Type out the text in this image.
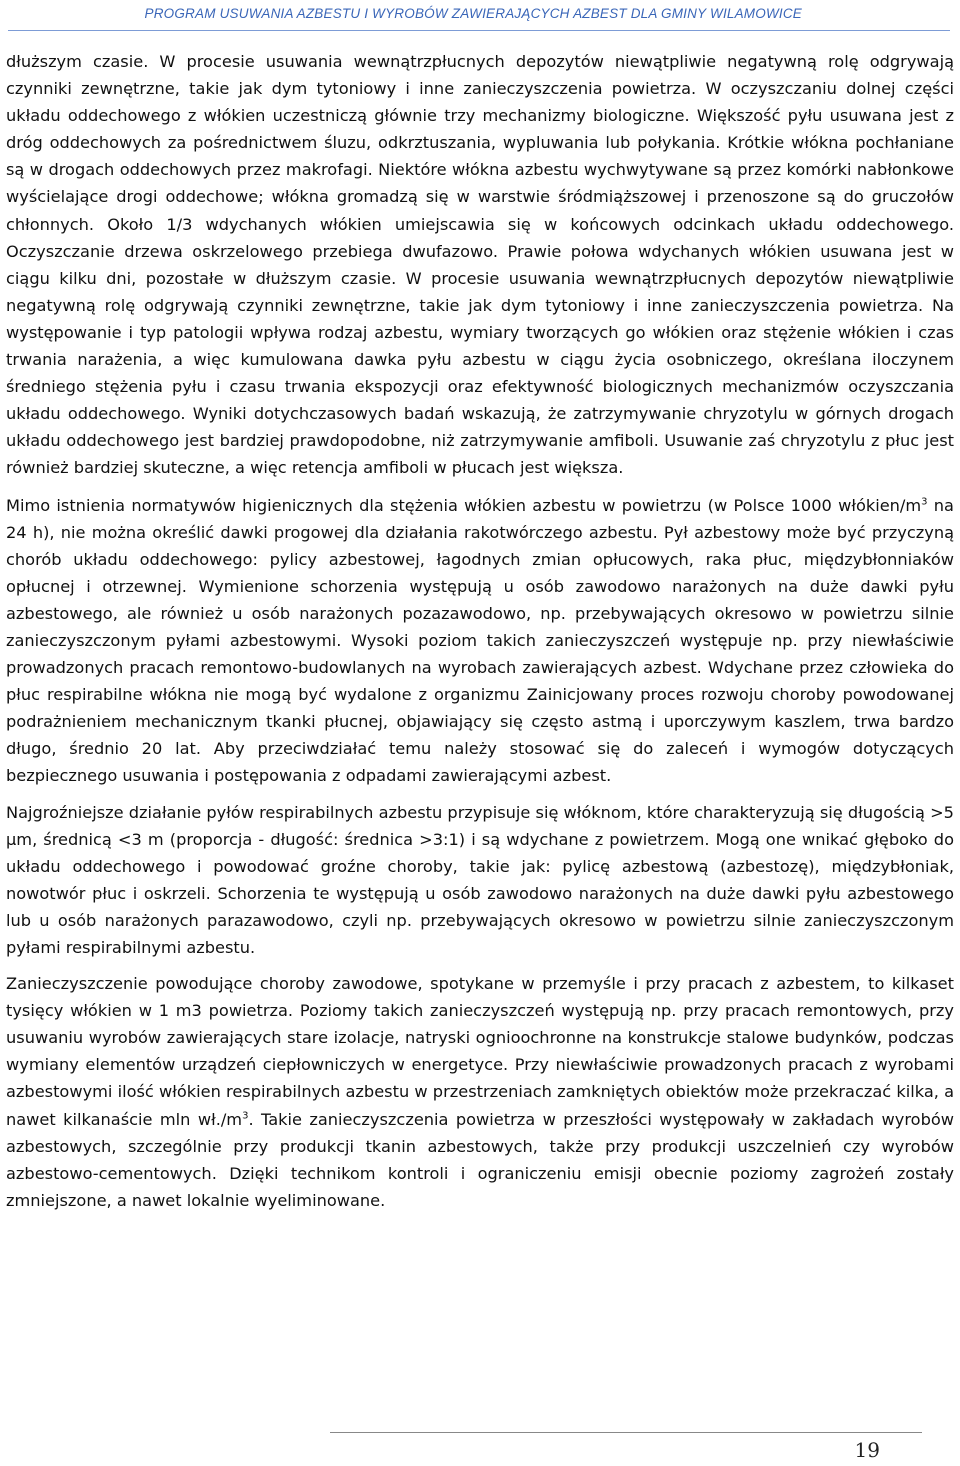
PROGRAM USUWANIA AZBESTU I WYROBÓW ZAWIERAJĄCYCH AZBEST DLA GMINY WILAMOWICE

dłuższym czasie. W procesie usuwania wewnątrzpłucnych depozytów niewątpliwie negatywną rolę odgrywają czynniki zewnętrzne, takie jak dym tytoniowy i inne zanieczyszczenia powietrza. W oczyszczaniu dolnej części układu oddechowego z włókien uczestniczą głównie trzy mechanizmy biologiczne. Większość pyłu usuwana jest z dróg oddechowych za pośrednictwem śluzu, odkrztuszania, wypluwania lub połykania. Krótkie włókna pochłaniane są w drogach oddechowych przez makrofagi. Niektóre włókna azbestu wychwytywane są przez komórki nabłonkowe wyścielające drogi oddechowe; włókna gromadzą się w warstwie śródmiąższowej i przenoszone są do gruczołów chłonnych. Około 1/3 wdychanych włókien umiejscawia się w końcowych odcinkach układu oddechowego. Oczyszczanie drzewa oskrzelowego przebiega dwufazowo. Prawie połowa wdychanych włókien usuwana jest w ciągu kilku dni, pozostałe w dłuższym czasie. W procesie usuwania wewnątrzpłucnych depozytów niewątpliwie negatywną rolę odgrywają czynniki zewnętrzne, takie jak dym tytoniowy i inne zanieczyszczenia powietrza. Na występowanie i typ patologii wpływa rodzaj azbestu, wymiary tworzących go włókien oraz stężenie włókien i czas trwania narażenia, a więc kumulowana dawka pyłu azbestu w ciągu życia osobniczego, określana iloczynem średniego stężenia pyłu i czasu trwania ekspozycji oraz efektywność biologicznych mechanizmów oczyszczania układu oddechowego. Wyniki dotychczasowych badań wskazują, że zatrzymywanie chryzotylu w górnych drogach układu oddechowego jest bardziej prawdopodobne, niż zatrzymywanie amfiboli. Usuwanie zaś chryzotylu z płuc jest również bardziej skuteczne, a więc retencja amfiboli w płucach jest większa.

Mimo istnienia normatywów higienicznych dla stężenia włókien azbestu w powietrzu (w Polsce 1000 włókien/$m^3$ na 24 h), nie można określić dawki progowej dla działania rakotwórczego azbestu. Pył azbestowy może być przyczyną chorób układu oddechowego: pylicy azbestowej, łagodnych zmian opłucowych, raka płuc, międzybłonniaków opłucnej i otrzewnej. Wymienione schorzenia występują u osób zawodowo narażonych na duże dawki pyłu azbestowego, ale również u osób narażonych pozazawodowo, np. przebywających okresowo w powietrzu silnie zanieczyszczonym pyłami azbestowymi. Wysoki poziom takich zanieczyszczeń występuje np. przy niewłaściwie prowadzonych pracach remontowo-budowlanych na wyrobach zawierających azbest. Wdychane przez człowieka do płuc respirabilne włókna nie mogą być wydalone z organizmu Zainicjowany proces rozwoju choroby powodowanej podrażnieniem mechanicznym tkanki płucnej, objawiający się często astmą i uporczywym kaszlem, trwa bardzo długo, średnio 20 lat. Aby przeciwdziałać temu należy stosować się do zaleceń i wymogów dotyczących bezpiecznego usuwania i postępowania z odpadami zawierającymi azbest.

Najgroźniejsze działanie pyłów respirabilnych azbestu przypisuje się włóknom, które charakteryzują się długością >5 µm, średnicą <3 m (proporcja - długość: średnica >3:1) i są wdychane z powietrzem. Mogą one wnikać głęboko do układu oddechowego i powodować groźne choroby, takie jak: pylicę azbestową (azbestozę), międzybłoniak, nowotwór płuc i oskrzeli. Schorzenia te występują u osób zawodowo narażonych na duże dawki pyłu azbestowego lub u osób narażonych parazawodowo, czyli np. przebywających okresowo w powietrzu silnie zanieczyszczonym pyłami respirabilnymi azbestu.

Zanieczyszczenie powodujące choroby zawodowe, spotykane w przemyśle i przy pracach z azbestem, to kilkaset tysięcy włókien w 1 m3 powietrza. Poziomy takich zanieczyszczeń występują np. przy pracach remontowych, przy usuwaniu wyrobów zawierających stare izolacje, natryski ognioochronne na konstrukcje stalowe budynków, podczas wymiany elementów urządzeń ciepłowniczych w energetyce. Przy niewłaściwie prowadzonych pracach z wyrobami azbestowymi ilość włókien respirabilnych azbestu w przestrzeniach zamkniętych obiektów może przekraczać kilka, a nawet kilkanaście mln $wł./m^3$. Takie zanieczyszczenia powietrza w przeszłości występowały w zakładach wyrobów azbestowych, szczególnie przy produkcji tkanin azbestowych, także przy produkcji uszczelnień czy wyrobów azbestowo-cementowych. Dzięki technikom kontroli i ograniczeniu emisji obecnie poziomy zagrożeń zostały zmniejszone, a nawet lokalnie wyeliminowane.

19
